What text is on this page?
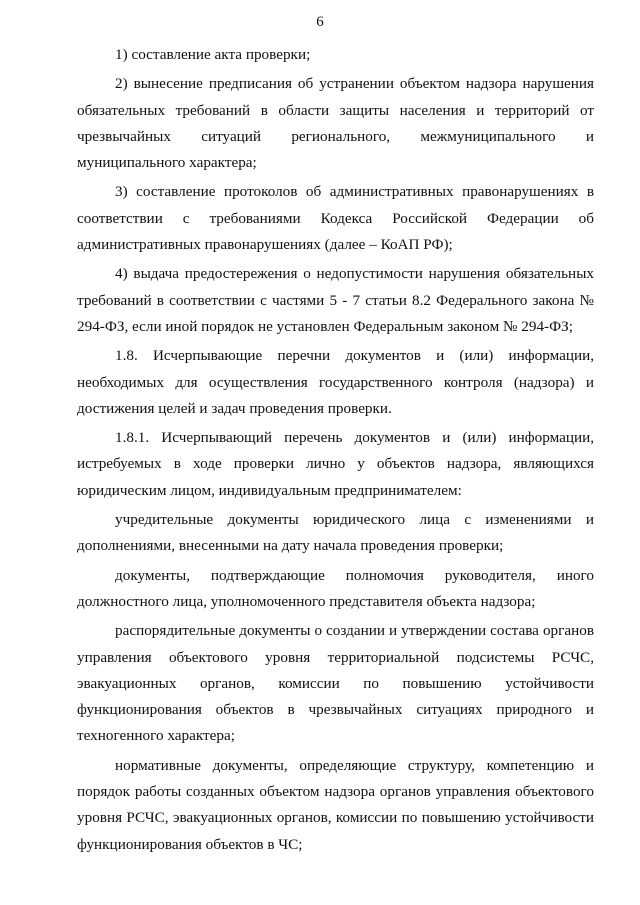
6

1) составление акта проверки;

2) вынесение предписания об устранении объектом надзора нарушения обязательных требований в области защиты населения и территорий от чрезвычайных ситуаций регионального, межмуниципального и муниципального характера;

3) составление протоколов об административных правонарушениях в соответствии с требованиями Кодекса Российской Федерации об административных правонарушениях (далее – КоАП РФ);

4) выдача предостережения о недопустимости нарушения обязательных требований в соответствии с частями 5 - 7 статьи 8.2 Федерального закона № 294-ФЗ, если иной порядок не установлен Федеральным законом № 294-ФЗ;

1.8. Исчерпывающие перечни документов и (или) информации, необходимых для осуществления государственного контроля (надзора) и достижения целей и задач проведения проверки.

1.8.1. Исчерпывающий перечень документов и (или) информации, истребуемых в ходе проверки лично у объектов надзора, являющихся юридическим лицом, индивидуальным предпринимателем:

учредительные документы юридического лица с изменениями и дополнениями, внесенными на дату начала проведения проверки;

документы, подтверждающие полномочия руководителя, иного должностного лица, уполномоченного представителя объекта надзора;

распорядительные документы о создании и утверждении состава органов управления объектового уровня территориальной подсистемы РСЧС, эвакуационных органов, комиссии по повышению устойчивости функционирования объектов в чрезвычайных ситуациях природного и техногенного характера;

нормативные документы, определяющие структуру, компетенцию и порядок работы созданных объектом надзора органов управления объектового уровня РСЧС, эвакуационных органов, комиссии по повышению устойчивости функционирования объектов в ЧС;
